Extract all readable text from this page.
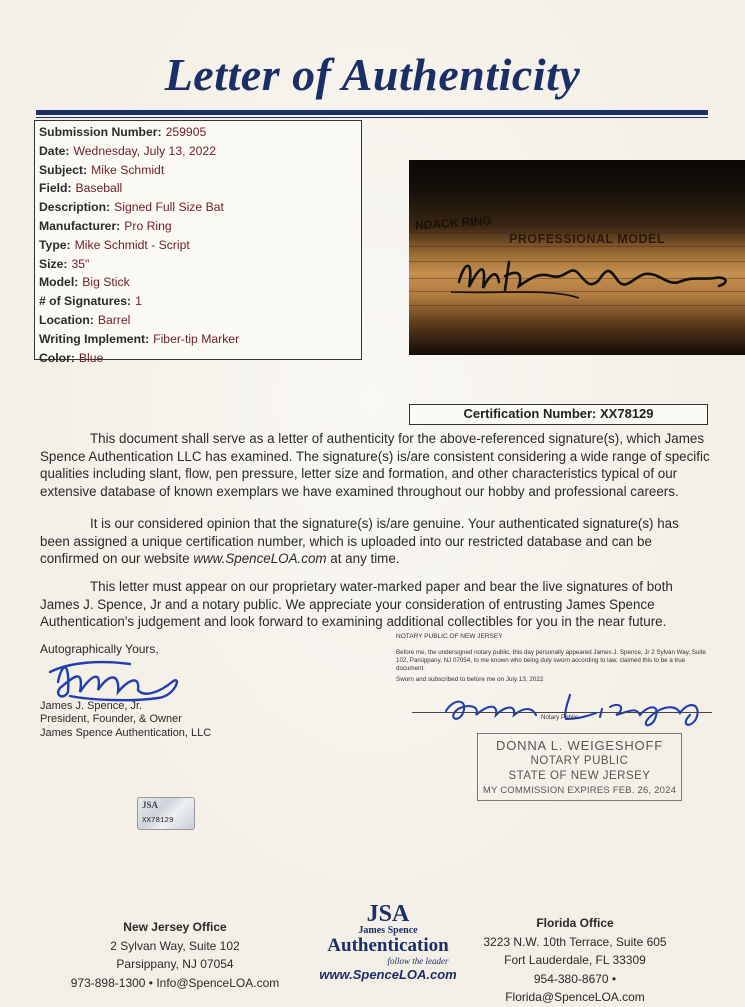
Letter of Authenticity
Submission Number: 259905
Date: Wednesday, July 13, 2022
Subject: Mike Schmidt
Field: Baseball
Description: Signed Full Size Bat
Manufacturer: Pro Ring
Type: Mike Schmidt - Script
Size: 35"
Model: Big Stick
# of Signatures: 1
Location: Barrel
Writing Implement: Fiber-tip Marker
Color: Blue
NDACK RING
PROFESSIONAL MODEL
Certification Number: XX78129
This document shall serve as a letter of authenticity for the above-referenced signature(s), which James Spence Authentication LLC has examined. The signature(s) is/are consistent considering a wide range of specific qualities including slant, flow, pen pressure, letter size and formation, and other characteristics typical of our extensive database of known exemplars we have examined throughout our hobby and professional careers.
It is our considered opinion that the signature(s) is/are genuine. Your authenticated signature(s) has been assigned a unique certification number, which is uploaded into our restricted database and can be confirmed on our website www.SpenceLOA.com at any time.
This letter must appear on our proprietary water-marked paper and bear the live signatures of both James J. Spence, Jr and a notary public. We appreciate your consideration of entrusting James Spence Authentication's judgement and look forward to examining additional collectibles for you in the near future.
Autographically Yours,
James J. Spence, Jr.
President, Founder, & Owner
James Spence Authentication, LLC
NOTARY PUBLIC OF NEW JERSEY
Before me, the undersigned notary public, this day personally appeared James J. Spence, Jr 2 Sylvan Way, Suite 102, Parsippany, NJ 07054, to me known who being duly sworn according to law, claimed this to be a true document.
Sworn and subscribed to before me on July 13, 2022
Notary Public
DONNA L. WEIGESHOFF
NOTARY PUBLIC
STATE OF NEW JERSEY
MY COMMISSION EXPIRES FEB. 26, 2024
JSA
XX78129
New Jersey Office
2 Sylvan Way, Suite 102
Parsippany, NJ 07054
973-898-1300 • Info@SpenceLOA.com
JSA
James Spence
Authentication
follow the leader
www.SpenceLOA.com
Florida Office
3223 N.W. 10th Terrace, Suite 605
Fort Lauderdale, FL 33309
954-380-8670 • Florida@SpenceLOA.com
